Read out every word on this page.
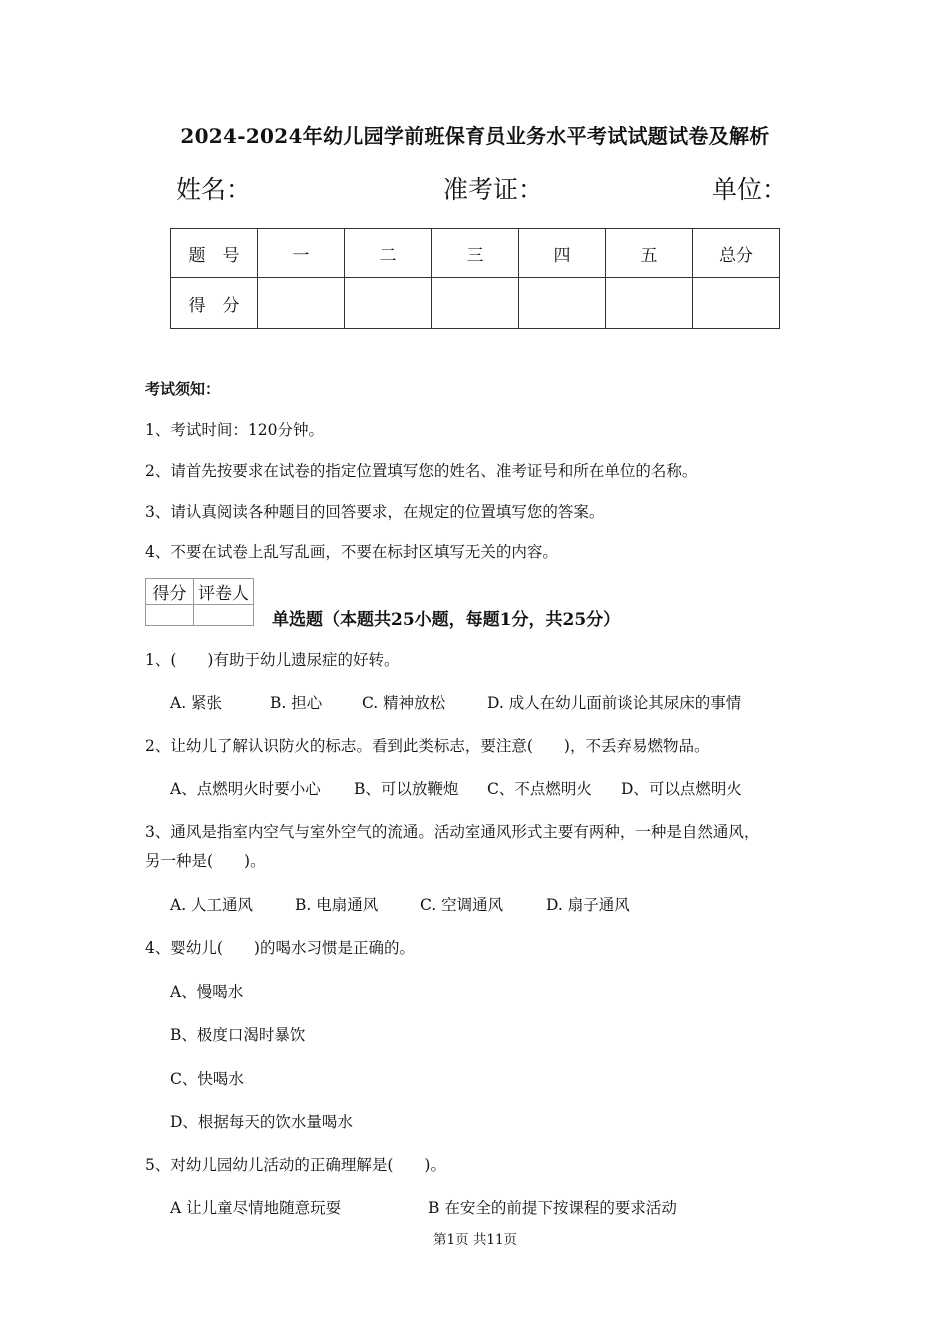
2024-2024年幼儿园学前班保育员业务水平考试试题试卷及解析
姓名：	准考证：	单位：
题　号	一	二	三	四	五	总分
得　分						
考试须知：
1、考试时间：120分钟。
2、请首先按要求在试卷的指定位置填写您的姓名、准考证号和所在单位的名称。
3、请认真阅读各种题目的回答要求，在规定的位置填写您的答案。
4、不要在试卷上乱写乱画，不要在标封区填写无关的内容。
得分	评卷人

单选题（本题共25小题，每题1分，共25分）
1、(　　)有助于幼儿遗尿症的好转。
A. 紧张	B. 担心	C. 精神放松	D. 成人在幼儿面前谈论其尿床的事情
2、让幼儿了解认识防火的标志。看到此类标志，要注意(　　)，不丢弃易燃物品。
A、点燃明火时要小心 B、可以放鞭炮 C、不点燃明火 D、可以点燃明火
3、通风是指室内空气与室外空气的流通。活动室通风形式主要有两种，一种是自然通风，
另一种是(　　)。
A. 人工通风	B. 电扇通风	C. 空调通风	D. 扇子通风
4、婴幼儿(　　)的喝水习惯是正确的。
A、慢喝水
B、极度口渴时暴饮
C、快喝水
D、根据每天的饮水量喝水
5、对幼儿园幼儿活动的正确理解是(　　)。
A 让儿童尽情地随意玩耍	B 在安全的前提下按课程的要求活动
第1页 共11页
